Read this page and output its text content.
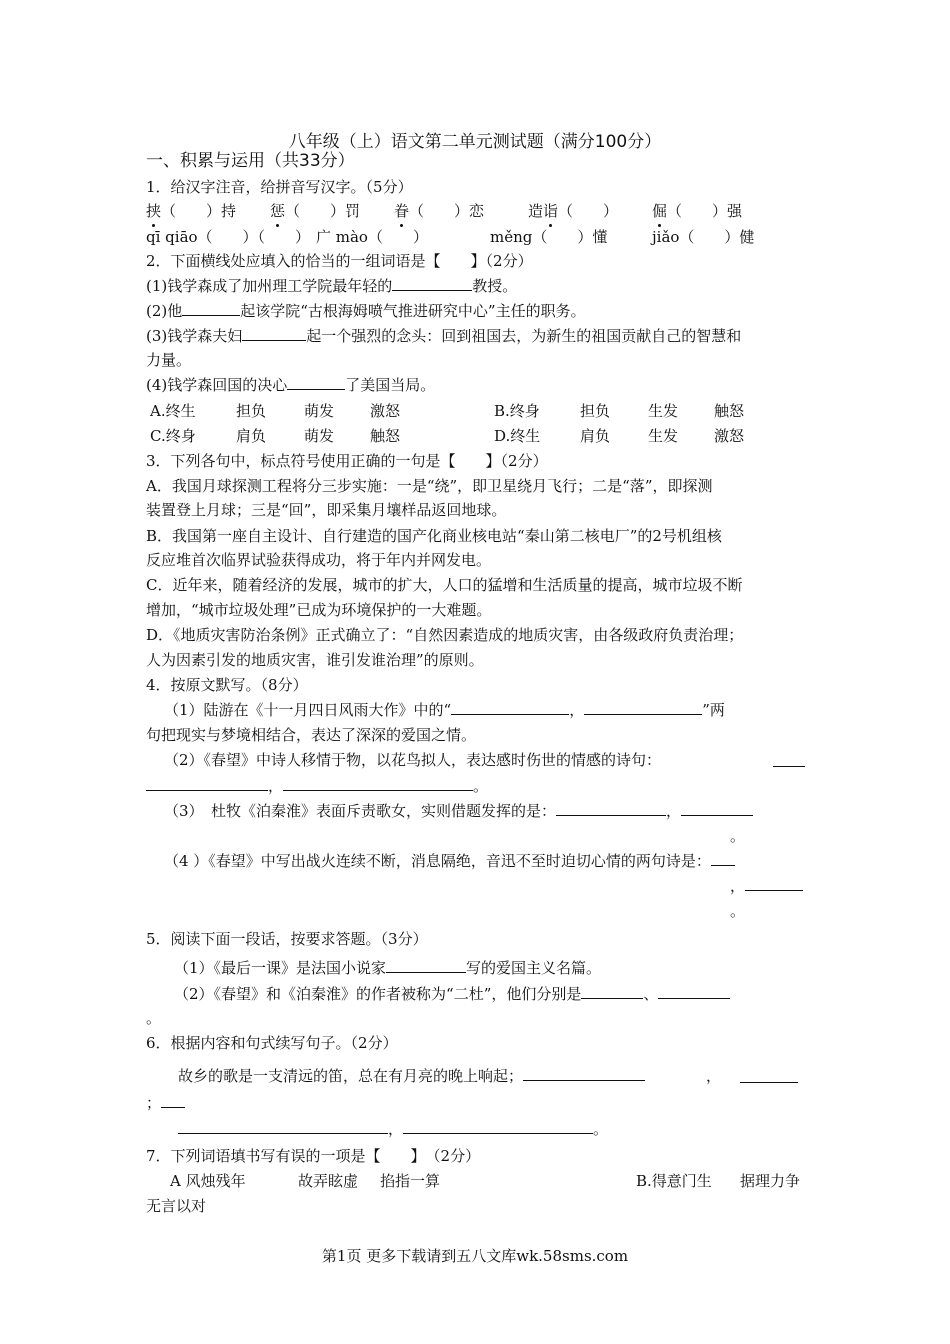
八年级（上）语文第二单元测试题（满分100分）
一、积累与运用（共33分）
1．给汉字注音，给拼音写汉字。（5分）
挟（　　）持 惩（　　）罚 眷（　　）恋	造诣（　　） 倔（　　）强
qī qiāo（　　）（　　） 广 mào（　　）	měng（　　）懂	jiǎo（　　）健
2．下面横线处应填入的恰当的一组词语是【　　】（2分）
(1)钱学森成了加州理工学院最年轻的	教授。
(2)他	起该学院“古根海姆喷气推进研究中心”主任的职务。
(3)钱学森夫妇	起一个强烈的念头：回到祖国去，为新生的祖国贡献自己的智慧和
力量。
(4)钱学森回国的决心	了美国当局。
A.终生	担负	萌发 激怒	B.终身	担负	生发 触怒
C.终身	肩负	萌发 触怒	D.终生	肩负	生发 激怒
3．下列各句中，标点符号使用正确的一句是【　　】（2分）
A．我国月球探测工程将分三步实施：一是“绕”，即卫星绕月飞行；二是“落”，即探测
装置登上月球；三是“回”，即采集月壤样品返回地球。
B．我国第一座自主设计、自行建造的国产化商业核电站“秦山第二核电厂”的2号机组核
反应堆首次临界试验获得成功，将于年内并网发电。
C．近年来，随着经济的发展，城市的扩大，人口的猛增和生活质量的提高，城市垃圾不断
增加，“城市垃圾处理”已成为环境保护的一大难题。
D．《地质灾害防治条例》正式确立了：“自然因素造成的地质灾害，由各级政府负责治理；
人为因素引发的地质灾害，谁引发谁治理”的原则。
4．按原文默写。（8分）
（1）陆游在《十一月四日风雨大作》中的“	，	”两
句把现实与梦境相结合，表达了深深的爱国之情。
（2）《春望》中诗人移情于物，以花鸟拟人，表达感时伤世的情感的诗句：
，	。
（3）　杜牧《泊秦淮》表面斥责歌女，实则借题发挥的是：	，
。
（4 ）《春望》中写出战火连续不断，消息隔绝，音迅不至时迫切心情的两句诗是：
，
。
5．阅读下面一段话，按要求答题。（3分）
（1）《最后一课》是法国小说家	写的爱国主义名篇。
（2）《春望》和《泊秦淮》的作者被称为“二杜”，他们分别是	、
。
6．根据内容和句式续写句子。（2分）
故乡的歌是一支清远的笛，总在有月亮的晚上响起；	，
；
，	。
7．下列词语填书写有误的一项是【　　】　（2分）
A 风烛残年	故弄眩虚 掐指一算	B.得意门生 据理力争
无言以对
第1页 更多下载请到五八文库wk.58sms.com
